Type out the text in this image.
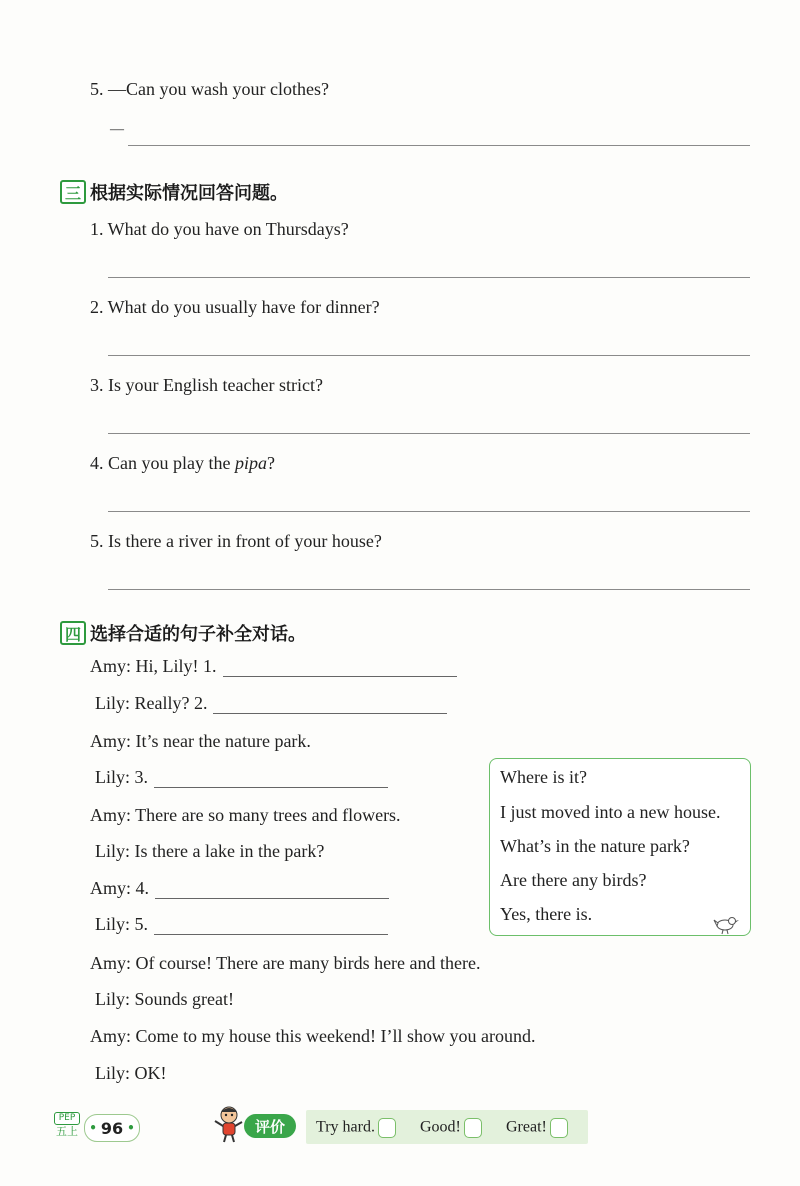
5. —Can you wash your clothes?
—
三 根据实际情况回答问题。
1. What do you have on Thursdays?
2. What do you usually have for dinner?
3. Is your English teacher strict?
4. Can you play the pipa?
5. Is there a river in front of your house?
四 选择合适的句子补全对话。
Amy: Hi, Lily! 1.
Lily: Really? 2.
Amy: It’s near the nature park.
Lily: 3.
Amy: There are so many trees and flowers.
Lily: Is there a lake in the park?
Amy: 4.
Lily: 5.
Amy: Of course! There are many birds here and there.
Lily: Sounds great!
Amy: Come to my house this weekend! I’ll show you around.
Lily: OK!
Where is it?
I just moved into a new house.
What’s in the nature park?
Are there any birds?
Yes, there is.
PEP
五上 • 96 •	评价	Try hard.	Good!	Great!
